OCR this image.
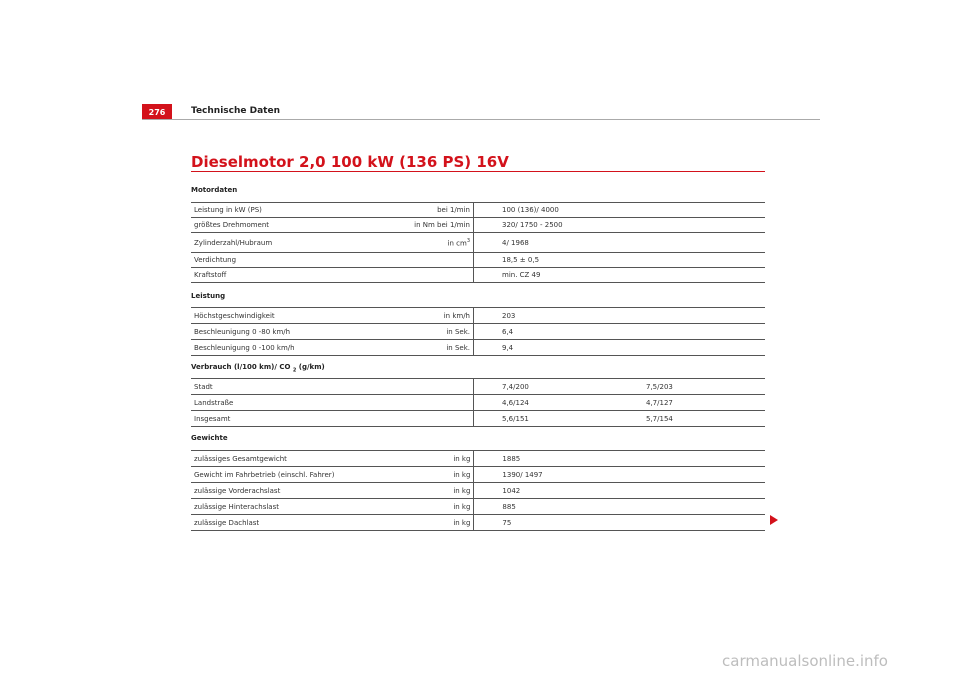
276	Technische Daten
Dieselmotor 2,0 100 kW (136 PS) 16V
Motordaten
Leistung in kW (PS)	bei 1/min	100 (136)/ 4000
größtes Drehmoment	in Nm bei 1/min	320/ 1750 - 2500
Zylinderzahl/Hubraum	in $cm^3$	4/ 1968
Verdichtung		18,5 ± 0,5
Kraftstoff		min. CZ 49
Leistung
Höchstgeschwindigkeit	in km/h	203
Beschleunigung 0 -80 km/h	in Sek.	6,4
Beschleunigung 0 -100 km/h	in Sek.	9,4
Verbrauch (l/100 km)/ CO $_2$ (g/km)
Stadt	7,4/200	7,5/203
Landstraße	4,6/124	4,7/127
Insgesamt	5,6/151	5,7/154
Gewichte
zulässiges Gesamtgewicht	in kg	1885
Gewicht im Fahrbetrieb (einschl. Fahrer)	in kg	1390/ 1497
zulässige Vorderachslast	in kg	1042
zulässige Hinterachslast	in kg	885
zulässige Dachlast	in kg	75
carmanualsonline.info
